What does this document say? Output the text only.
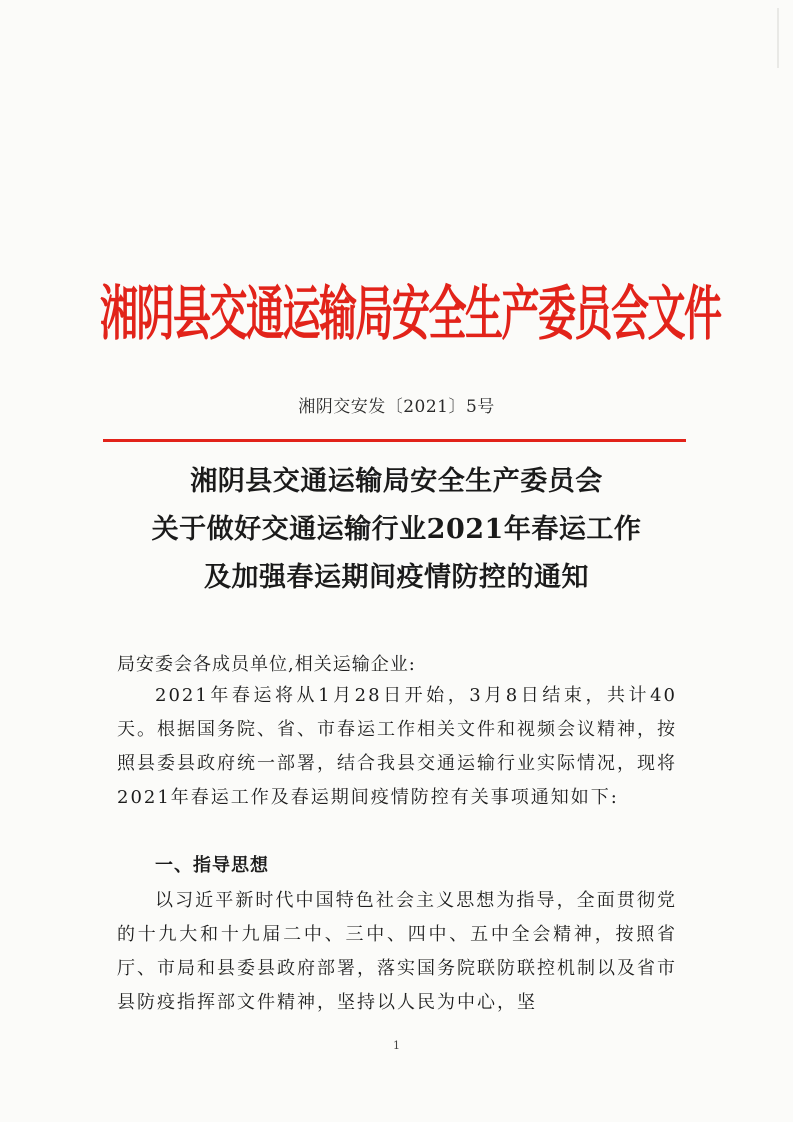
湘阴县交通运输局安全生产委员会文件
湘阴交安发〔2021〕5号
湘阴县交通运输局安全生产委员会
关于做好交通运输行业2021年春运工作
及加强春运期间疫情防控的通知
局安委会各成员单位,相关运输企业:
2021年春运将从1月28日开始，3月8日结束，共计40天。根据国务院、省、市春运工作相关文件和视频会议精神，按照县委县政府统一部署，结合我县交通运输行业实际情况，现将2021年春运工作及春运期间疫情防控有关事项通知如下:
一、指导思想
以习近平新时代中国特色社会主义思想为指导，全面贯彻党的十九大和十九届二中、三中、四中、五中全会精神，按照省厅、市局和县委县政府部署，落实国务院联防联控机制以及省市县防疫指挥部文件精神，坚持以人民为中心，坚
1
